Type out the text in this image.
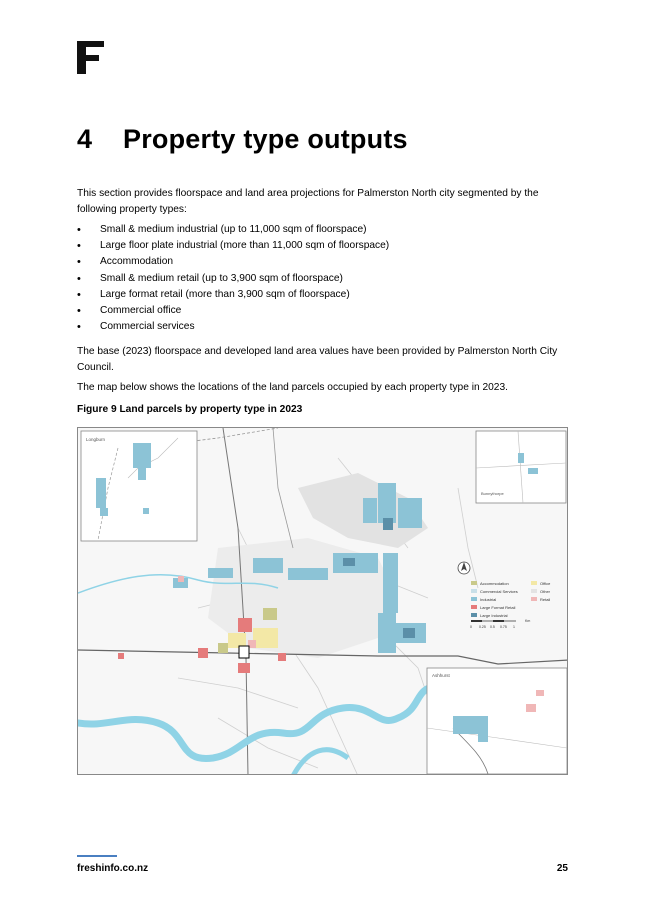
4 Property type outputs

This section provides floorspace and land area projections for Palmerston North city segmented by the following property types:

• Small & medium industrial (up to 11,000 sqm of floorspace)
• Large floor plate industrial (more than 11,000 sqm of floorspace)
• Accommodation
• Small & medium retail (up to 3,900 sqm of floorspace)
• Large format retail (more than 3,900 sqm of floorspace)
• Commercial office
• Commercial services

The base (2023) floorspace and developed land area values have been provided by Palmerston North City Council.

The map below shows the locations of the land parcels occupied by each property type in 2023.

Figure 9 Land parcels by property type in 2023
Longburn
Bunnythorpe
Ashhurst
Accommodation	Office
Commercial Services	Other
Industrial	Retail
Large Format Retail
Large Industrial
0 0.25 0.5 0.75 1
Km
freshinfo.co.nz	25
